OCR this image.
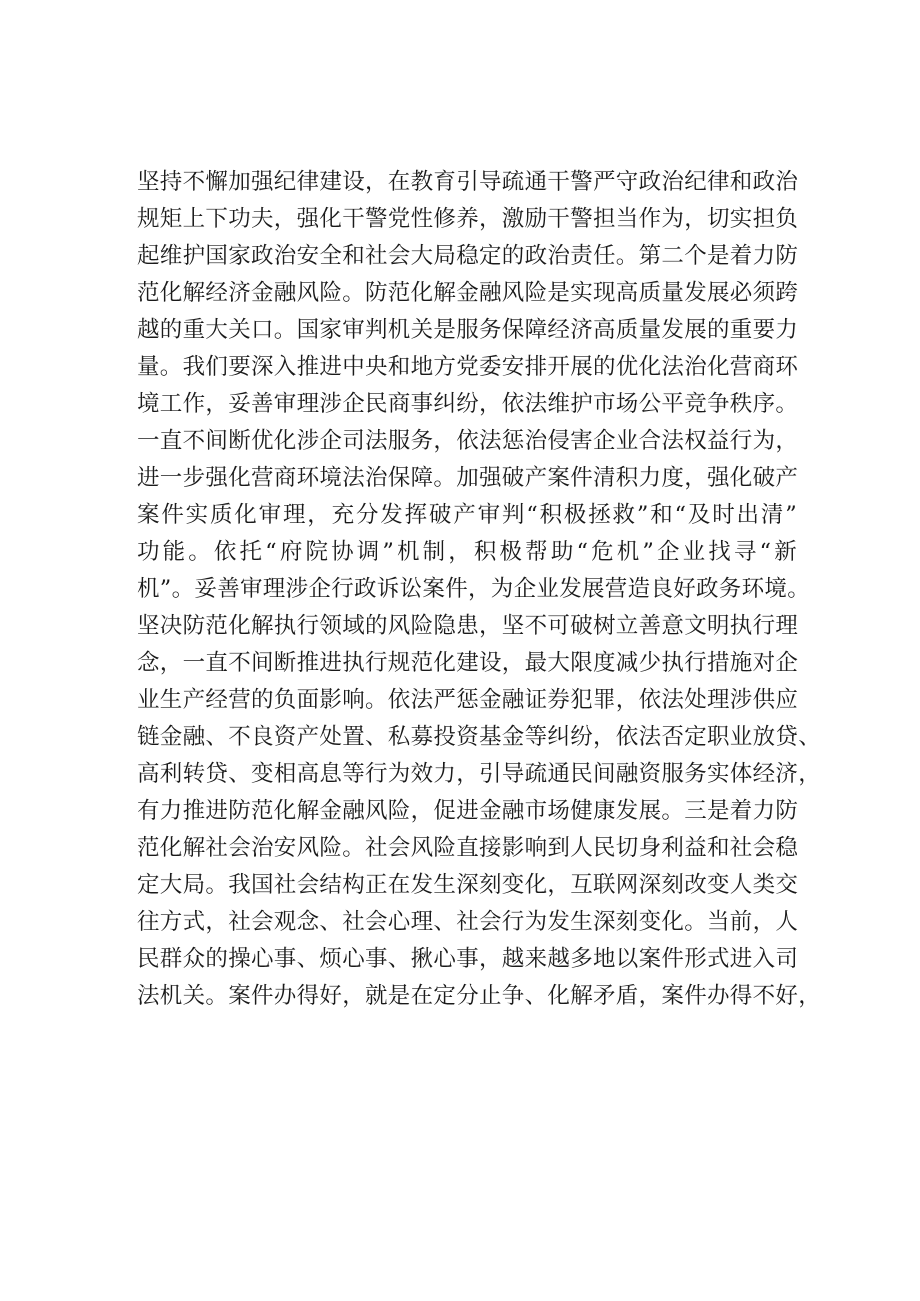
坚持不懈加强纪律建设，在教育引导疏通干警严守政治纪律和政治
规矩上下功夫，强化干警党性修养，激励干警担当作为，切实担负
起维护国家政治安全和社会大局稳定的政治责任。第二个是着力防
范化解经济金融风险。防范化解金融风险是实现高质量发展必须跨
越的重大关口。国家审判机关是服务保障经济高质量发展的重要力
量。我们要深入推进中央和地方党委安排开展的优化法治化营商环
境工作，妥善审理涉企民商事纠纷，依法维护市场公平竞争秩序。
一直不间断优化涉企司法服务，依法惩治侵害企业合法权益行为，
进一步强化营商环境法治保障。加强破产案件清积力度，强化破产
案件实质化审理，充分发挥破产审判“积极拯救”和“及时出清”
功能。依托“府院协调”机制，积极帮助“危机”企业找寻“新
机”。妥善审理涉企行政诉讼案件，为企业发展营造良好政务环境。
坚决防范化解执行领域的风险隐患，坚不可破树立善意文明执行理
念，一直不间断推进执行规范化建设，最大限度减少执行措施对企
业生产经营的负面影响。依法严惩金融证券犯罪，依法处理涉供应
链金融、不良资产处置、私募投资基金等纠纷，依法否定职业放贷、
高利转贷、变相高息等行为效力，引导疏通民间融资服务实体经济，
有力推进防范化解金融风险，促进金融市场健康发展。三是着力防
范化解社会治安风险。社会风险直接影响到人民切身利益和社会稳
定大局。我国社会结构正在发生深刻变化，互联网深刻改变人类交
往方式，社会观念、社会心理、社会行为发生深刻变化。当前，人
民群众的操心事、烦心事、揪心事，越来越多地以案件形式进入司
法机关。案件办得好，就是在定分止争、化解矛盾，案件办得不好，
